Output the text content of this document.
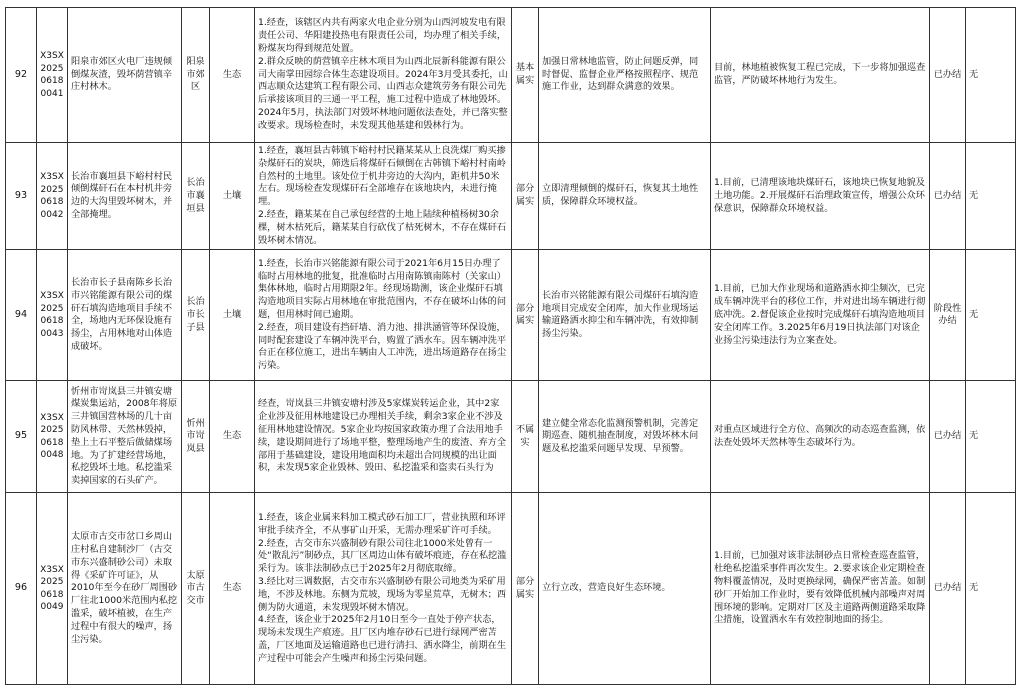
92	X3SX202506180041	阳泉市郊区火电厂违规倾倒煤灰渣，毁坏荫营镇辛庄村林木。	阳泉市郊区	生态	1.经查，该辖区内共有两家火电企业分别为山西河坡发电有限责任公司、华阳建投热电有限责任公司，均办理了相关手续，粉煤灰均得到规范处置。
2.群众反映的荫营镇辛庄林木项目为山西北辰新科能源有限公司大南掌田园综合体生态建设项目。2024年3月受其委托，山西志顺众达建筑工程有限公司、山西志众建筑劳务有限公司先后承接该项目的三通一平工程，施工过程中造成了林地毁坏。2024年5月，执法部门对毁坏林地问题依法查处，并已落实整改要求。现场检查时，未发现其他基建和毁林行为。	基本属实	加强日常林地监管，防止问题反弹，同时督促、监督企业严格按照程序、规范施工作业，达到群众满意的效果。	目前，林地植被恢复工程已完成，下一步将加强巡查监管，严防破坏林地行为发生。	已办结	无
93	X3SX202506180042	长治市襄垣县下峪村村民倾倒煤矸石在本村机井旁边的大沟里毁坏树木，并全部掩埋。	长治市襄垣县	土壤	1.经查，襄垣县古韩镇下峪村村民籍某某从上良洗煤厂购买掺杂煤矸石的炭块，筛选后将煤矸石倾倒在古韩镇下峪村村南岭自然村的土地里。该处位于机井旁边的大沟内，距机井50米左右。现场检查发现煤矸石全部堆存在该地块内，未进行掩埋。
2.经查，籍某某在自己承包经营的土地上陆续种植杨树30余棵，树木枯死后，籍某某自行砍伐了枯死树木，不存在煤矸石毁坏树木情况。	部分属实	立即清理倾倒的煤矸石，恢复其土地性质，保障群众环境权益。	1.目前，已清理该地块煤矸石，该地块已恢复地貌及土地功能。2.开展煤矸石治理政策宣传，增强公众环保意识，保障群众环境权益。	已办结	无
94	X3SX202506180043	长治市长子县南陈乡长治市兴铭能源有限公司的煤矸石填沟造地项目手续不全，场地内无环保设施有扬尘，占用林地对山体造成破坏。	长治市长子县	土壤	1.经查，长治市兴铭能源有限公司于2021年6月15日办理了临时占用林地的批复，批准临时占用南陈镇南陈村（关家山）集体林地，临时占用期限2年。经现场勘测，该企业煤矸石填沟造地项目实际占用林地在审批范围内，不存在破坏山体的问题，但用林时间已逾期。
2.经查，项目建设有挡矸墙、消力池、排洪涵管等环保设施，同时配套建设了车辆冲洗平台，购置了洒水车。因车辆冲洗平台正在移位施工，进出车辆由人工冲洗，进出场道路存在扬尘污染。	部分属实	长治市兴铭能源有限公司煤矸石填沟造地项目完成安全闭库，加大作业现场运输道路洒水抑尘和车辆冲洗，有效抑制扬尘污染。	1.目前，已加大作业现场和道路洒水抑尘频次，已完成车辆冲洗平台的移位工作，并对进出场车辆进行彻底冲洗。2.督促该企业按时完成煤矸石填沟造地项目安全闭库工作。3.2025年6月19日执法部门对该企业扬尘污染违法行为立案查处。	阶段性办结	无
95	X3SX202506180048	忻州市岢岚县三井镇安塘煤炭集运站，2008年将原三井镇国营林场的几十亩防风林带、天然林毁掉，垫上土石平整后做储煤场地。为了扩建经营场地，私挖毁坏土地。私挖滥采卖掉国家的石头矿产。	忻州市岢岚县	生态	经查，岢岚县三井镇安塘村涉及5家煤炭转运企业，其中2家企业涉及征用林地建设已办理相关手续，剩余3家企业不涉及征用林地建设情况。5家企业均按国家政策办理了合法用地手续，建设期间进行了场地平整，整理场地产生的废渣、弃方全部用于基础建设，建设用地面积均未超出合同规模的出让面积，未发现5家企业毁林、毁田、私挖滥采和盗卖石头行为	不属实	建立健全常态化监测预警机制，完善定期巡查、随机抽查制度，对毁坏林木问题及私挖滥采问题早发现、早预警。	对重点区域进行全方位、高频次的动态巡查监测，依法查处毁坏天然林等生态破坏行为。	已办结	无
96	X3SX202506180049	太原市古交市岔口乡周山庄村私自建制沙厂（古交市东兴盛制砂公司）未取得《采矿许可证》，从2010年至今在砂厂周围砂厂往北1000米范围内私挖滥采，破坏植被，在生产过程中有很大的噪声，扬尘污染。	太原市古交市	生态	1.经查，该企业属来料加工模式砂石加工厂，营业执照和环评审批手续齐全，不从事矿山开采，无需办理采矿许可手续。
2.经查，古交市东兴盛制砂有限公司往北1000米处曾有一处“散乱污”制砂点，其厂区周边山体有破坏痕迹，存在私挖滥采行为。该非法制砂点已于2025年2月彻底取缔。
3.经比对三调数据，古交市东兴盛制砂有限公司地类为采矿用地，不涉及林地。东侧为荒坡，现场为零星荒草，无树木；西侧为防火通道，未发现毁坏树木情况。
4.经查，该企业于2025年2月10日至今一直处于停产状态，现场未发现生产痕迹。且厂区内堆存砂石已进行绿网严密苫盖，厂区地面及运输道路也已进行清扫、洒水降尘，前期在生产过程中可能会产生噪声和扬尘污染问题。	部分属实	立行立改，营造良好生态环境。	1.目前，已加强对该非法制砂点日常检查巡查监管，杜绝私挖滥采事件再次发生。2.要求该企业定期检查物料覆盖情况，及时更换绿网，确保严密苫盖。如制砂厂开始加工作业时，要有效降低机械内部噪声对周围环境的影响。定期对厂区及主道路两侧道路采取降尘措施，设置洒水车有效控制地面的扬尘。	已办结	无
